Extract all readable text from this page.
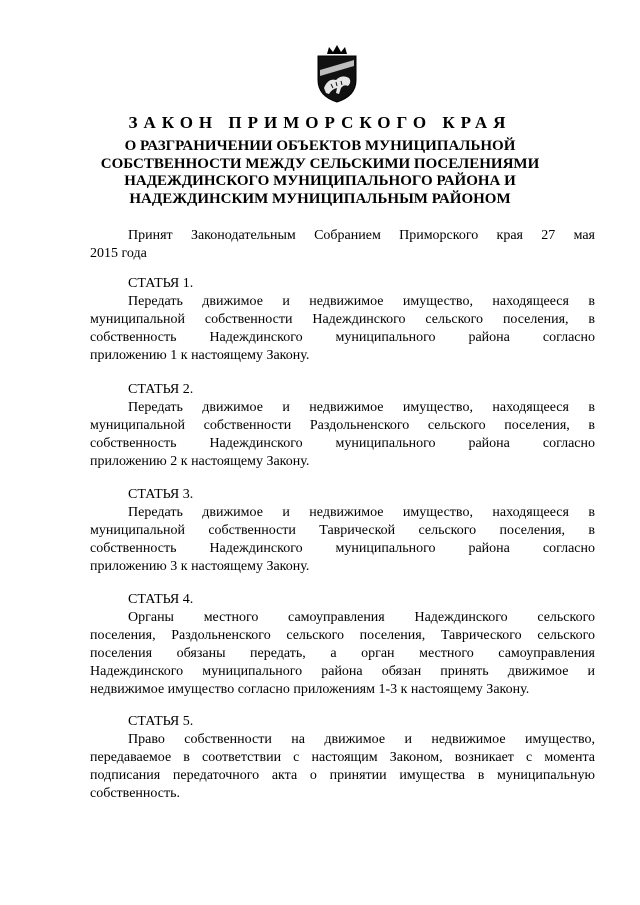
ЗАКОН ПРИМОРСКОГО КРАЯ
О РАЗГРАНИЧЕНИИ ОБЪЕКТОВ МУНИЦИПАЛЬНОЙ
СОБСТВЕННОСТИ МЕЖДУ СЕЛЬСКИМИ ПОСЕЛЕНИЯМИ
НАДЕЖДИНСКОГО МУНИЦИПАЛЬНОГО РАЙОНА И
НАДЕЖДИНСКИМ МУНИЦИПАЛЬНЫМ РАЙОНОМ
Принят Законодательным Собранием Приморского края 27 мая
2015 года
СТАТЬЯ 1.
Передать движимое и недвижимое имущество, находящееся в
муниципальной собственности Надеждинского сельского поселения, в
собственность Надеждинского муниципального района согласно
приложению 1 к настоящему Закону.
СТАТЬЯ 2.
Передать движимое и недвижимое имущество, находящееся в
муниципальной собственности Раздольненского сельского поселения, в
собственность Надеждинского муниципального района согласно
приложению 2 к настоящему Закону.
СТАТЬЯ 3.
Передать движимое и недвижимое имущество, находящееся в
муниципальной собственности Таврической сельского поселения, в
собственность Надеждинского муниципального района согласно
приложению 3 к настоящему Закону.
СТАТЬЯ 4.
Органы местного самоуправления Надеждинского сельского
поселения, Раздольненского сельского поселения, Таврического сельского
поселения обязаны передать, а орган местного самоуправления
Надеждинского муниципального района обязан принять движимое и
недвижимое имущество согласно приложениям 1-3 к настоящему Закону.
СТАТЬЯ 5.
Право собственности на движимое и недвижимое имущество,
передаваемое в соответствии с настоящим Законом, возникает с момента
подписания передаточного акта о принятии имущества в муниципальную
собственность.
